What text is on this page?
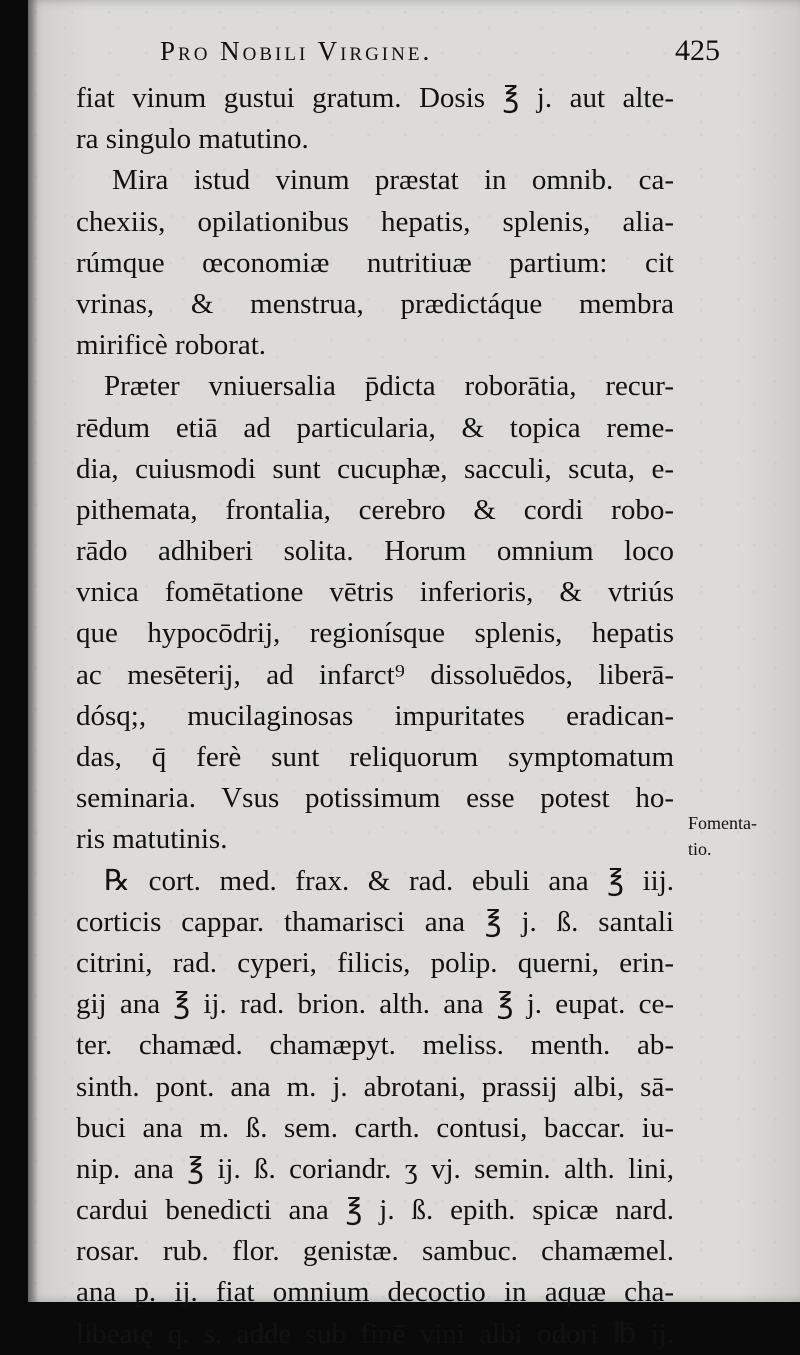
Pro Nobili Virgine.	425
fiat vinum gustui gratum. Dosis ℥ j. aut alte-
ra singulo matutino.
Mira istud vinum præstat in omnib. ca-
chexiis, opilationibus hepatis, splenis, alia-
rúmque œconomiæ nutritiuæ partium: cit
vrinas, & menstrua, prædictáque membra
mirificè roborat.
Præter vniuersalia p̄dicta roborātia, recur-
rēdum etiā ad particularia, & topica reme-
dia, cuiusmodi sunt cucuphæ, sacculi, scuta, e-
pithemata, frontalia, cerebro & cordi robo-
rādo adhiberi solita. Horum omnium loco
vnica fomētatione vētris inferioris, & vtriús
que hypocōdrij, regionísque splenis, hepatis
ac mesēterij, ad infarct⁹ dissoluēdos, liberā-
dósq;, mucilaginosas impuritates eradican-
das, q̄ ferè sunt reliquorum symptomatum
seminaria. Vsus potissimum esse potest ho-
ris matutinis.
℞ cort. med. frax. & rad. ebuli ana ℥ iij.
corticis cappar. thamarisci ana ℥ j. ß. santali
citrini, rad. cyperi, filicis, polip. querni, erin-
gij ana ℥ ij. rad. brion. alth. ana ℥ j. eupat. ce-
ter. chamæd. chamæpyt. meliss. menth. ab-
sinth. pont. ana m. j. abrotani, prassij albi, sā-
buci ana m. ß. sem. carth. contusi, baccar. iu-
nip. ana ℥ ij. ß. coriandr. ʒ vj. semin. alth. lini,
cardui benedicti ana ℥ j. ß. epith. spicæ nard.
rosar. rub. flor. genistæ. sambuc. chamæmel.
ana p. ij. fiat omnium decoctio in aquæ cha-
libeatę q. s. adde sub finē vini albi odori ℔ ij.
Fomenta-
tio.
